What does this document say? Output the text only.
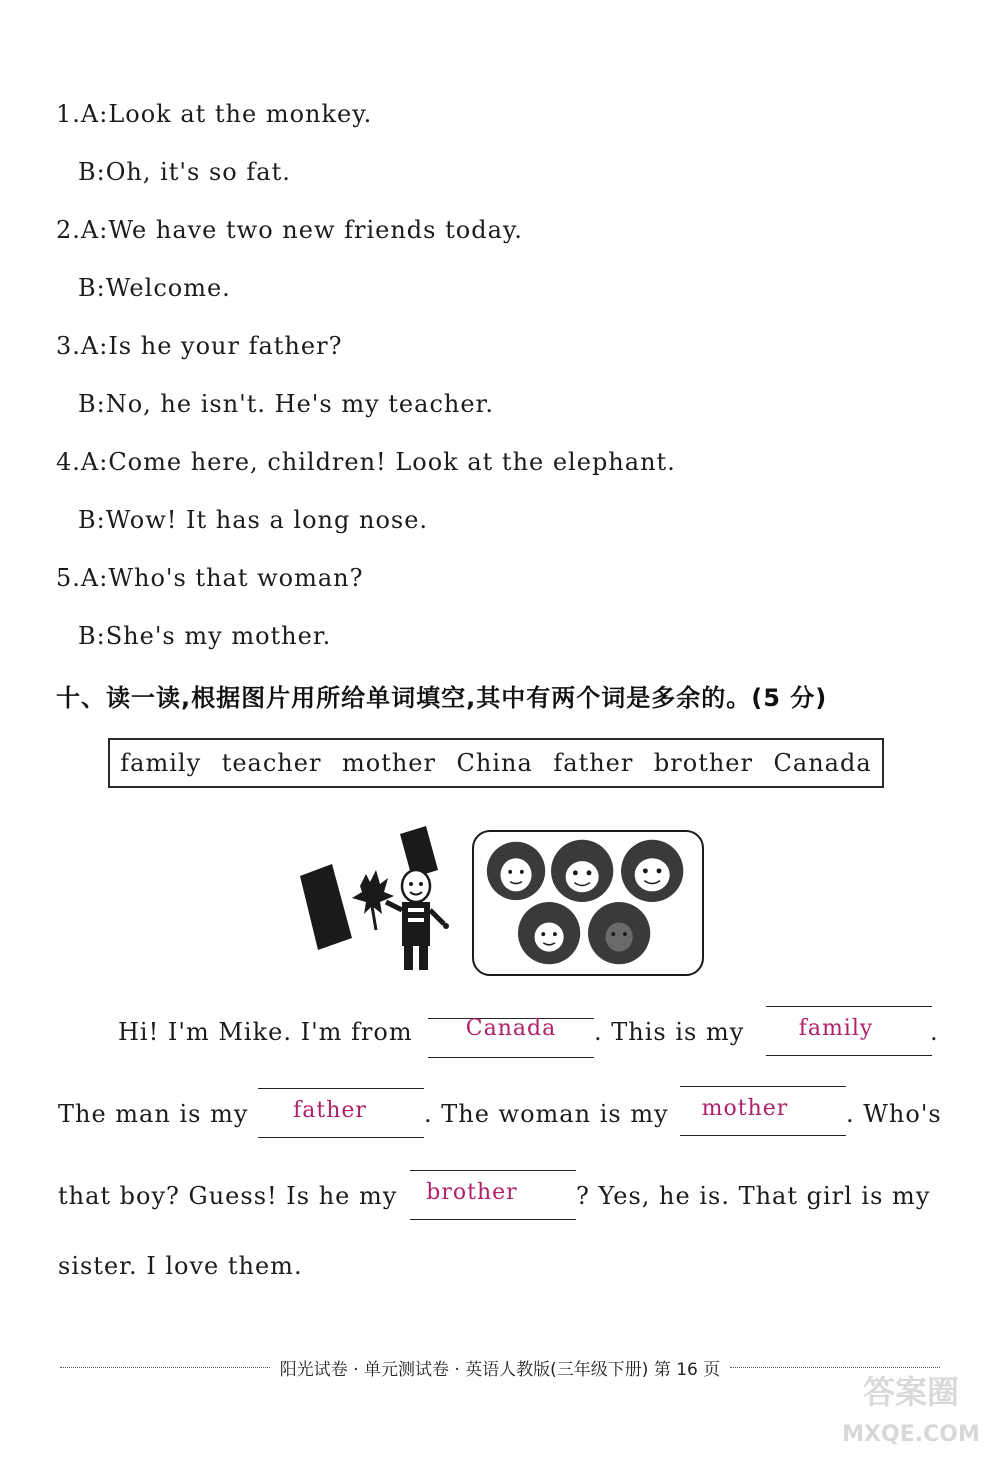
1.A:Look at the monkey.
B:Oh, it's so fat.
2.A:We have two new friends today.
B:Welcome.
3.A:Is he your father?
B:No, he isn't. He's my teacher.
4.A:Come here, children! Look at the elephant.
B:Wow! It has a long nose.
5.A:Who's that woman?
B:She's my mother.
十、读一读,根据图片用所给单词填空,其中有两个词是多余的。(5 分)
family teacher mother China father brother Canada
Hi! I'm Mike. I'm from	Canada	. This is my	family	.
The man is my	father	. The woman is my	mother	. Who's
that boy? Guess! Is he my	brother	? Yes, he is. That girl is my
sister. I love them.
阳光试卷 · 单元测试卷 · 英语人教版(三年级下册) 第 16 页
答案圈
MXQE.COM
